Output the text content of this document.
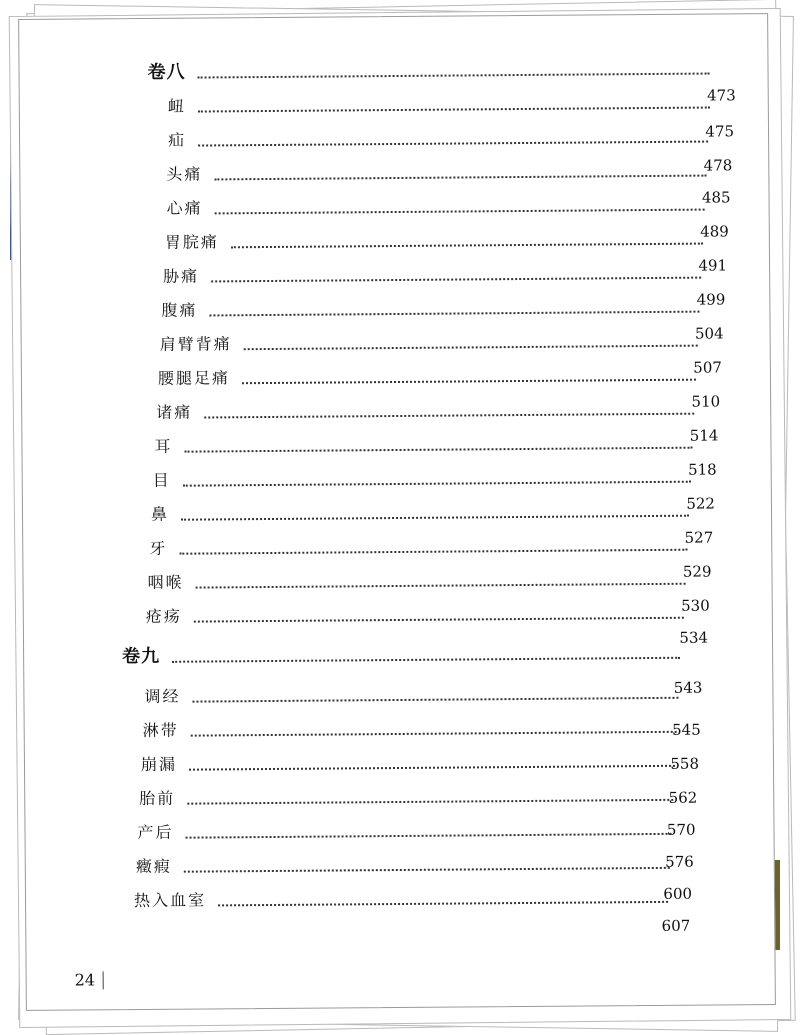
卷八
473
衄
475
疝
478
头痛
485
心痛
489
胃脘痛
491
胁痛
499
腹痛
504
肩臂背痛
507
腰腿足痛
510
诸痛
514
耳
518
目
522
鼻
527
牙
529
咽喉
530
疮疡
534
卷九
543
调经
545
淋带
558
崩漏
562
胎前
570
产后
576
癥瘕
600
热入血室
607
24
